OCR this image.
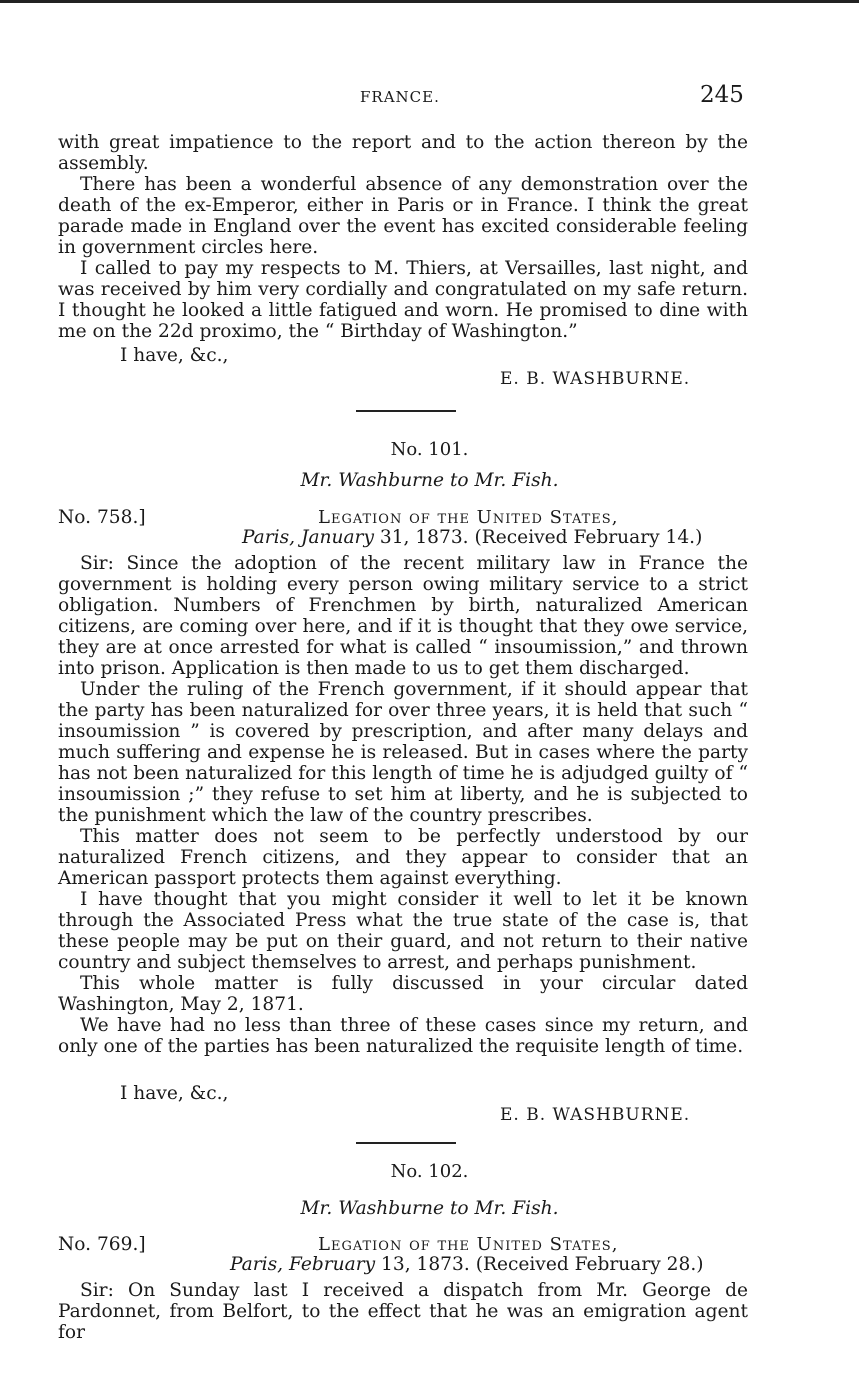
FRANCE.	245

with great impatience to the report and to the action thereon by the assembly.

There has been a wonderful absence of any demonstration over the death of the ex-Emperor, either in Paris or in France. I think the great parade made in England over the event has excited considerable feeling in government circles here.

I called to pay my respects to M. Thiers, at Versailles, last night, and was received by him very cordially and congratulated on my safe return. I thought he looked a little fatigued and worn. He promised to dine with me on the 22d proximo, the “ Birthday of Washington.”

I have, &c.,
E. B. WASHBURNE.
No. 101.
Mr. Washburne to Mr. Fish.
No. 758.]	Legation of the United States,
Paris, January 31, 1873. (Received February 14.)

Sir: Since the adoption of the recent military law in France the government is holding every person owing military service to a strict obligation. Numbers of Frenchmen by birth, naturalized American citizens, are coming over here, and if it is thought that they owe service, they are at once arrested for what is called “ insoumission,” and thrown into prison. Application is then made to us to get them discharged.

Under the ruling of the French government, if it should appear that the party has been naturalized for over three years, it is held that such “ insoumission ” is covered by prescription, and after many delays and much suffering and expense he is released. But in cases where the party has not been naturalized for this length of time he is adjudged guilty of “ insoumission ;” they refuse to set him at liberty, and he is subjected to the punishment which the law of the country prescribes.

This matter does not seem to be perfectly understood by our naturalized French citizens, and they appear to consider that an American passport protects them against everything.

I have thought that you might consider it well to let it be known through the Associated Press what the true state of the case is, that these people may be put on their guard, and not return to their native country and subject themselves to arrest, and perhaps punishment.

This whole matter is fully discussed in your circular dated Washington, May 2, 1871.

We have had no less than three of these cases since my return, and only one of the parties has been naturalized the requisite length of time.

I have, &c.,
E. B. WASHBURNE.
No. 102.
Mr. Washburne to Mr. Fish.
No. 769.]	Legation of the United States,
Paris, February 13, 1873. (Received February 28.)

Sir: On Sunday last I received a dispatch from Mr. George de Pardonnet, from Belfort, to the effect that he was an emigration agent for
